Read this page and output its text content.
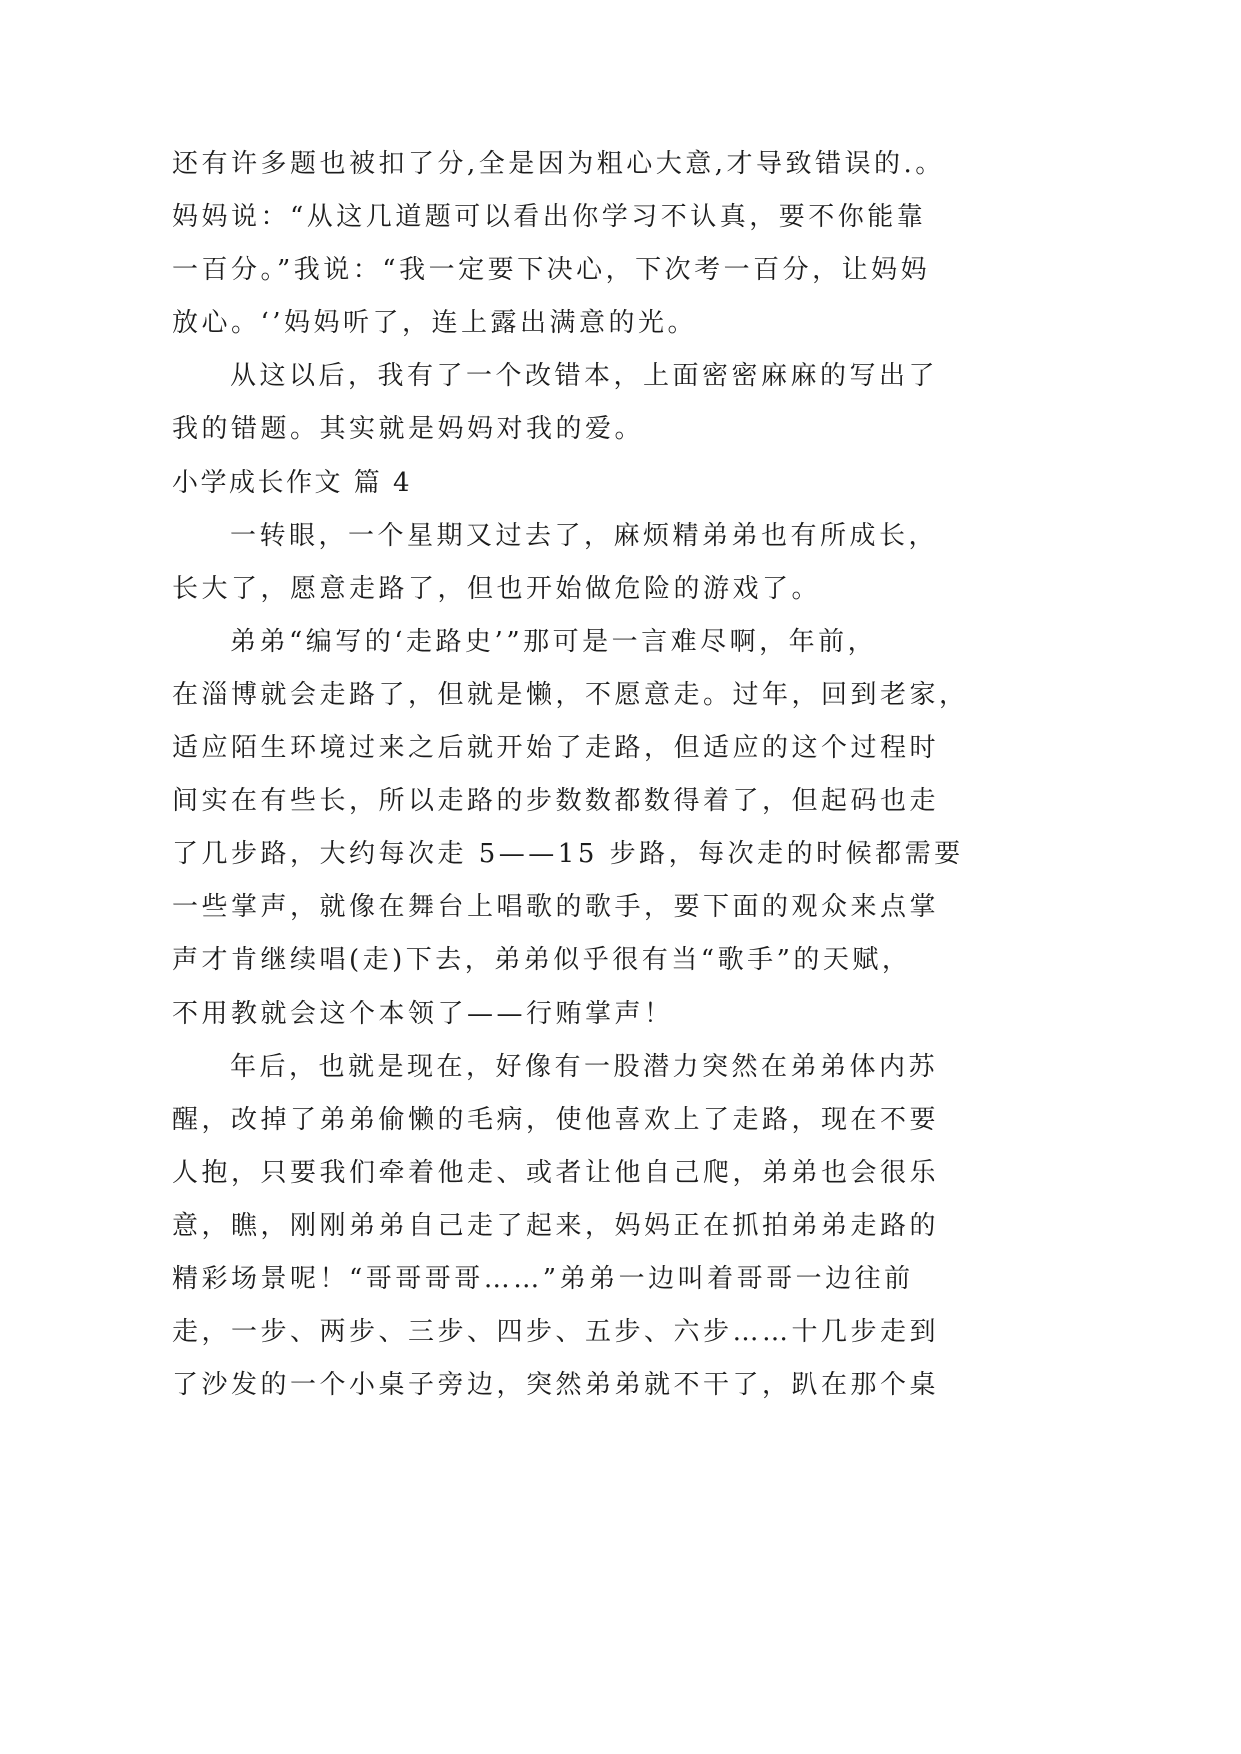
还有许多题也被扣了分,全是因为粗心大意,才导致错误的.。
妈妈说：“从这几道题可以看出你学习不认真，要不你能靠
一百分。”我说：“我一定要下决心，下次考一百分，让妈妈
放心。‘’妈妈听了，连上露出满意的光。
从这以后，我有了一个改错本，上面密密麻麻的写出了
我的错题。其实就是妈妈对我的爱。
小学成长作文 篇 4
一转眼，一个星期又过去了，麻烦精弟弟也有所成长，
长大了，愿意走路了，但也开始做危险的游戏了。
弟弟“编写的‘走路史’”那可是一言难尽啊，年前，
在淄博就会走路了，但就是懒，不愿意走。过年，回到老家，
适应陌生环境过来之后就开始了走路，但适应的这个过程时
间实在有些长，所以走路的步数数都数得着了，但起码也走
了几步路，大约每次走 5——15 步路，每次走的时候都需要
一些掌声，就像在舞台上唱歌的歌手，要下面的观众来点掌
声才肯继续唱(走)下去，弟弟似乎很有当“歌手”的天赋，
不用教就会这个本领了——行贿掌声！
年后，也就是现在，好像有一股潜力突然在弟弟体内苏
醒，改掉了弟弟偷懒的毛病，使他喜欢上了走路，现在不要
人抱，只要我们牵着他走、或者让他自己爬，弟弟也会很乐
意，瞧，刚刚弟弟自己走了起来，妈妈正在抓拍弟弟走路的
精彩场景呢！“哥哥哥哥……”弟弟一边叫着哥哥一边往前
走，一步、两步、三步、四步、五步、六步……十几步走到
了沙发的一个小桌子旁边，突然弟弟就不干了，趴在那个桌
